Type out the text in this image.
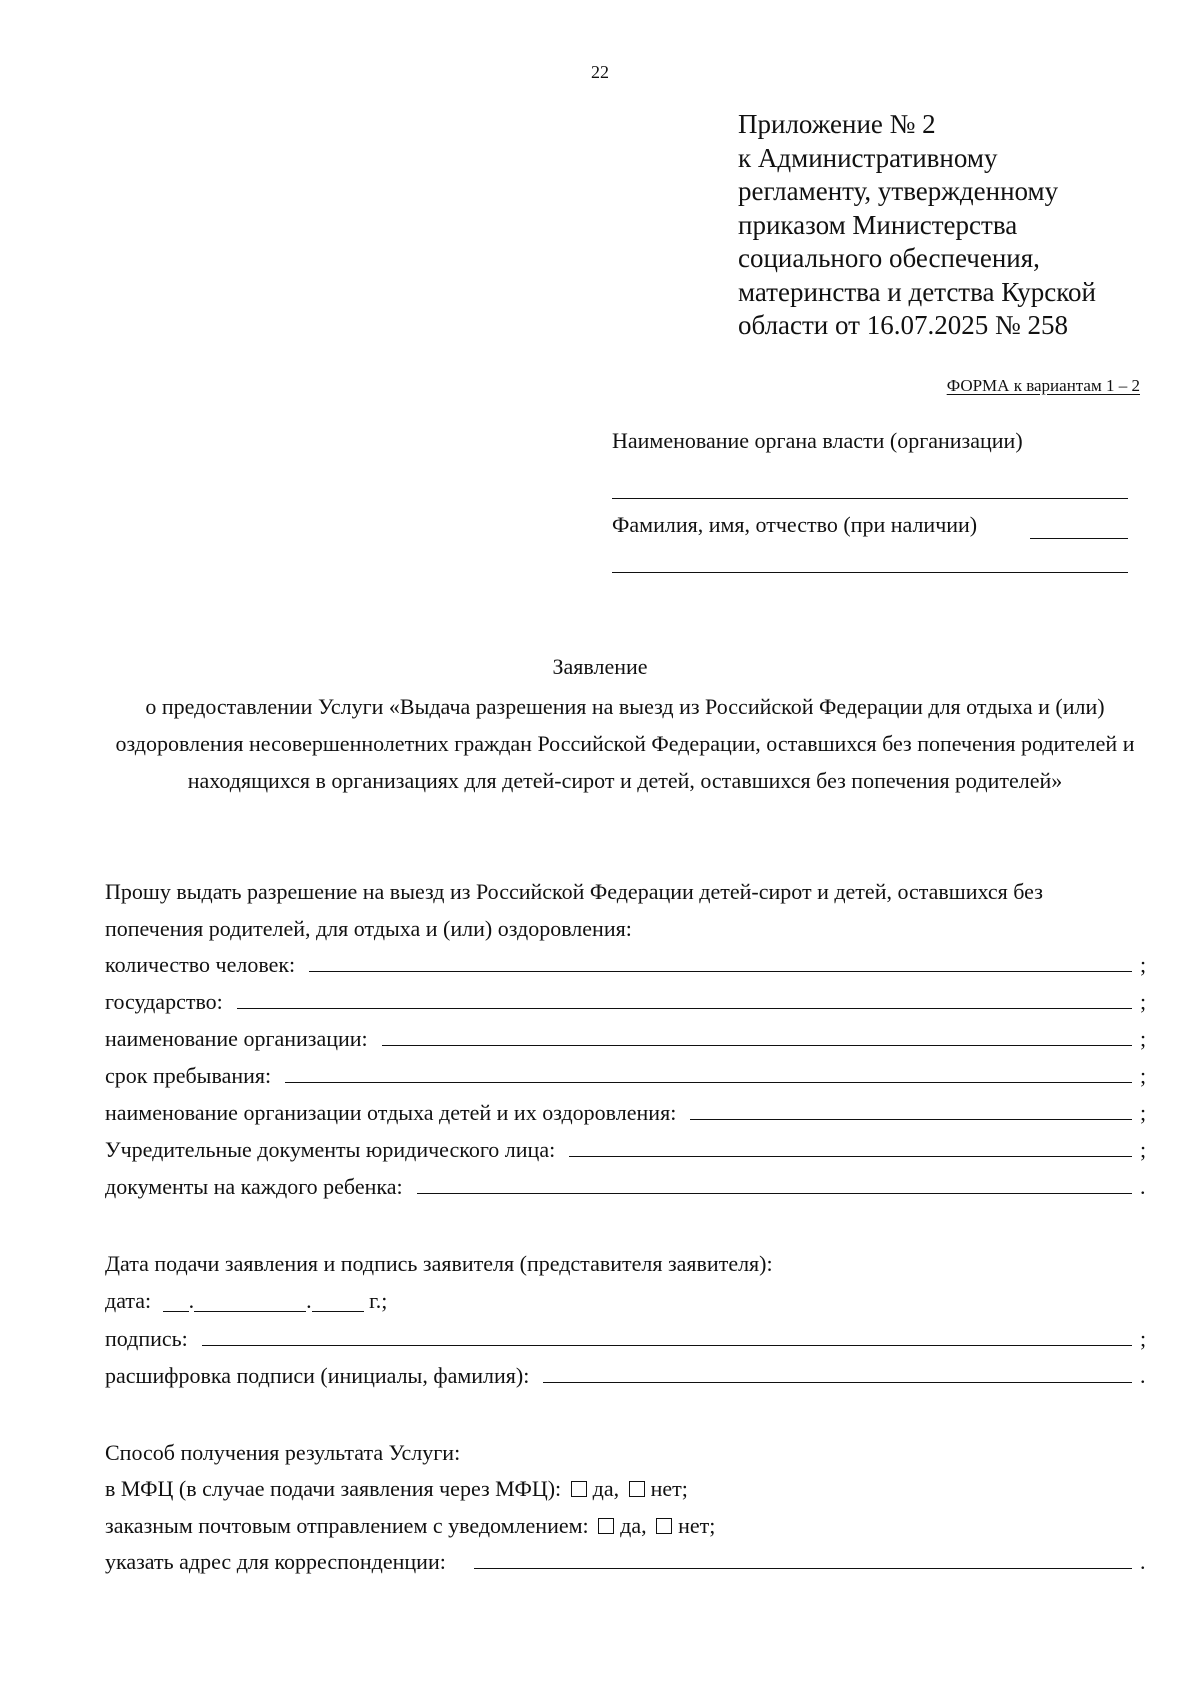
22
Приложение № 2
к Административному
регламенту, утвержденному
приказом Министерства
социального обеспечения,
материнства и детства Курской
области от 16.07.2025 № 258
ФОРМА к вариантам 1 – 2
Наименование органа власти (организации)
Фамилия, имя, отчество (при наличии)
Заявление
о предоставлении Услуги «Выдача разрешения на выезд из Российской Федерации для отдыха и (или) оздоровления несовершеннолетних граждан Российской Федерации, оставшихся без попечения родителей и находящихся в организациях для детей-сирот и детей, оставшихся без попечения родителей»
Прошу выдать разрешение на выезд из Российской Федерации детей-сирот и детей, оставшихся без попечения родителей, для отдыха и (или) оздоровления:
количество человек:	;
государство:	;
наименование организации:	;
срок пребывания:	;
наименование организации отдыха детей и их оздоровления:	;
Учредительные документы юридического лица:	;
документы на каждого ребенка:	.
Дата подачи заявления и подпись заявителя (представителя заявителя):
дата: .	.	г.;
подпись:	;
расшифровка подписи (инициалы, фамилия):	.
Способ получения результата Услуги:
в МФЦ (в случае подачи заявления через МФЦ): да, нет;
заказным почтовым отправлением с уведомлением: да, нет;
указать адрес для корреспонденции:	.
